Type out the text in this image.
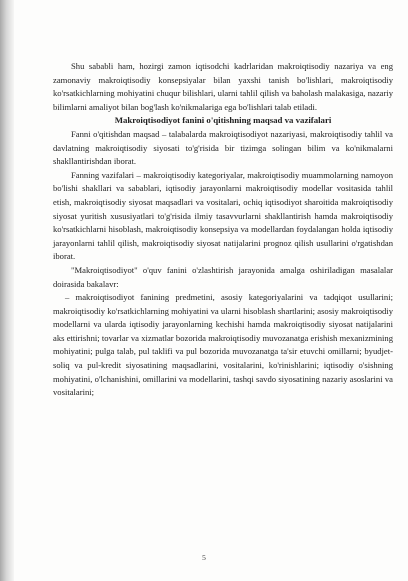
Shu sababli ham, hozirgi zamon iqtisodchi kadrlaridan makroiqtisodiy nazariya va eng zamonaviy makroiqtisodiy konsepsiyalar bilan yaxshi tanish bo'lishlari, makroiqtisodiy ko'rsatkichlarning mohiyatini chuqur bilishlari, ularni tahlil qilish va baholash malakasiga, nazariy bilimlarni amaliyot bilan bog'lash ko'nikmalariga ega bo'lishlari talab etiladi.

Makroiqtisodiyot fanini o'qitishning maqsad va vazifalari

Fanni o'qitishdan maqsad – talabalarda makroiqtisodiyot nazariyasi, makroiqtisodiy tahlil va davlatning makroiqtisodiy siyosati to'g'risida bir tizimga solingan bilim va ko'nikmalarni shakllantirishdan iborat.

Fanning vazifalari – makroiqtisodiy kategoriyalar, makroiqtisodiy muammolarning namoyon bo'lishi shakllari va sabablari, iqtisodiy jarayonlarni makroiqtisodiy modellar vositasida tahlil etish, makroiqtisodiy siyosat maqsadlari va vositalari, ochiq iqtisodiyot sharoitida makroiqtisodiy siyosat yuritish xususiyatlari to'g'risida ilmiy tasavvurlarni shakllantirish hamda makroiqtisodiy ko'rsatkichlarni hisoblash, makroiqtisodiy konsepsiya va modellardan foydalangan holda iqtisodiy jarayonlarni tahlil qilish, makroiqtisodiy siyosat natijalarini prognoz qilish usullarini o'rgatishdan iborat.

"Makroiqtisodiyot" o'quv fanini o'zlashtirish jarayonida amalga oshiriladigan masalalar doirasida bakalavr:

– makroiqtisodiyot fanining predmetini, asosiy kategoriyalarini va tadqiqot usullarini; makroiqtisodiy ko'rsatkichlarning mohiyatini va ularni hisoblash shartlarini; asosiy makroiqtisodiy modellarni va ularda iqtisodiy jarayonlarning kechishi hamda makroiqtisodiy siyosat natijalarini aks ettirishni; tovarlar va xizmatlar bozorida makroiqtisodiy muvozanatga erishish mexanizmining mohiyatini; pulga talab, pul taklifi va pul bozorida muvozanatga ta'sir etuvchi omillarni; byudjet-soliq va pul-kredit siyosatining maqsadlarini, vositalarini, ko'rinishlarini; iqtisodiy o'sishning mohiyatini, o'lchanishini, omillarini va modellarini, tashqi savdo siyosatining nazariy asoslarini va vositalarini;

5
